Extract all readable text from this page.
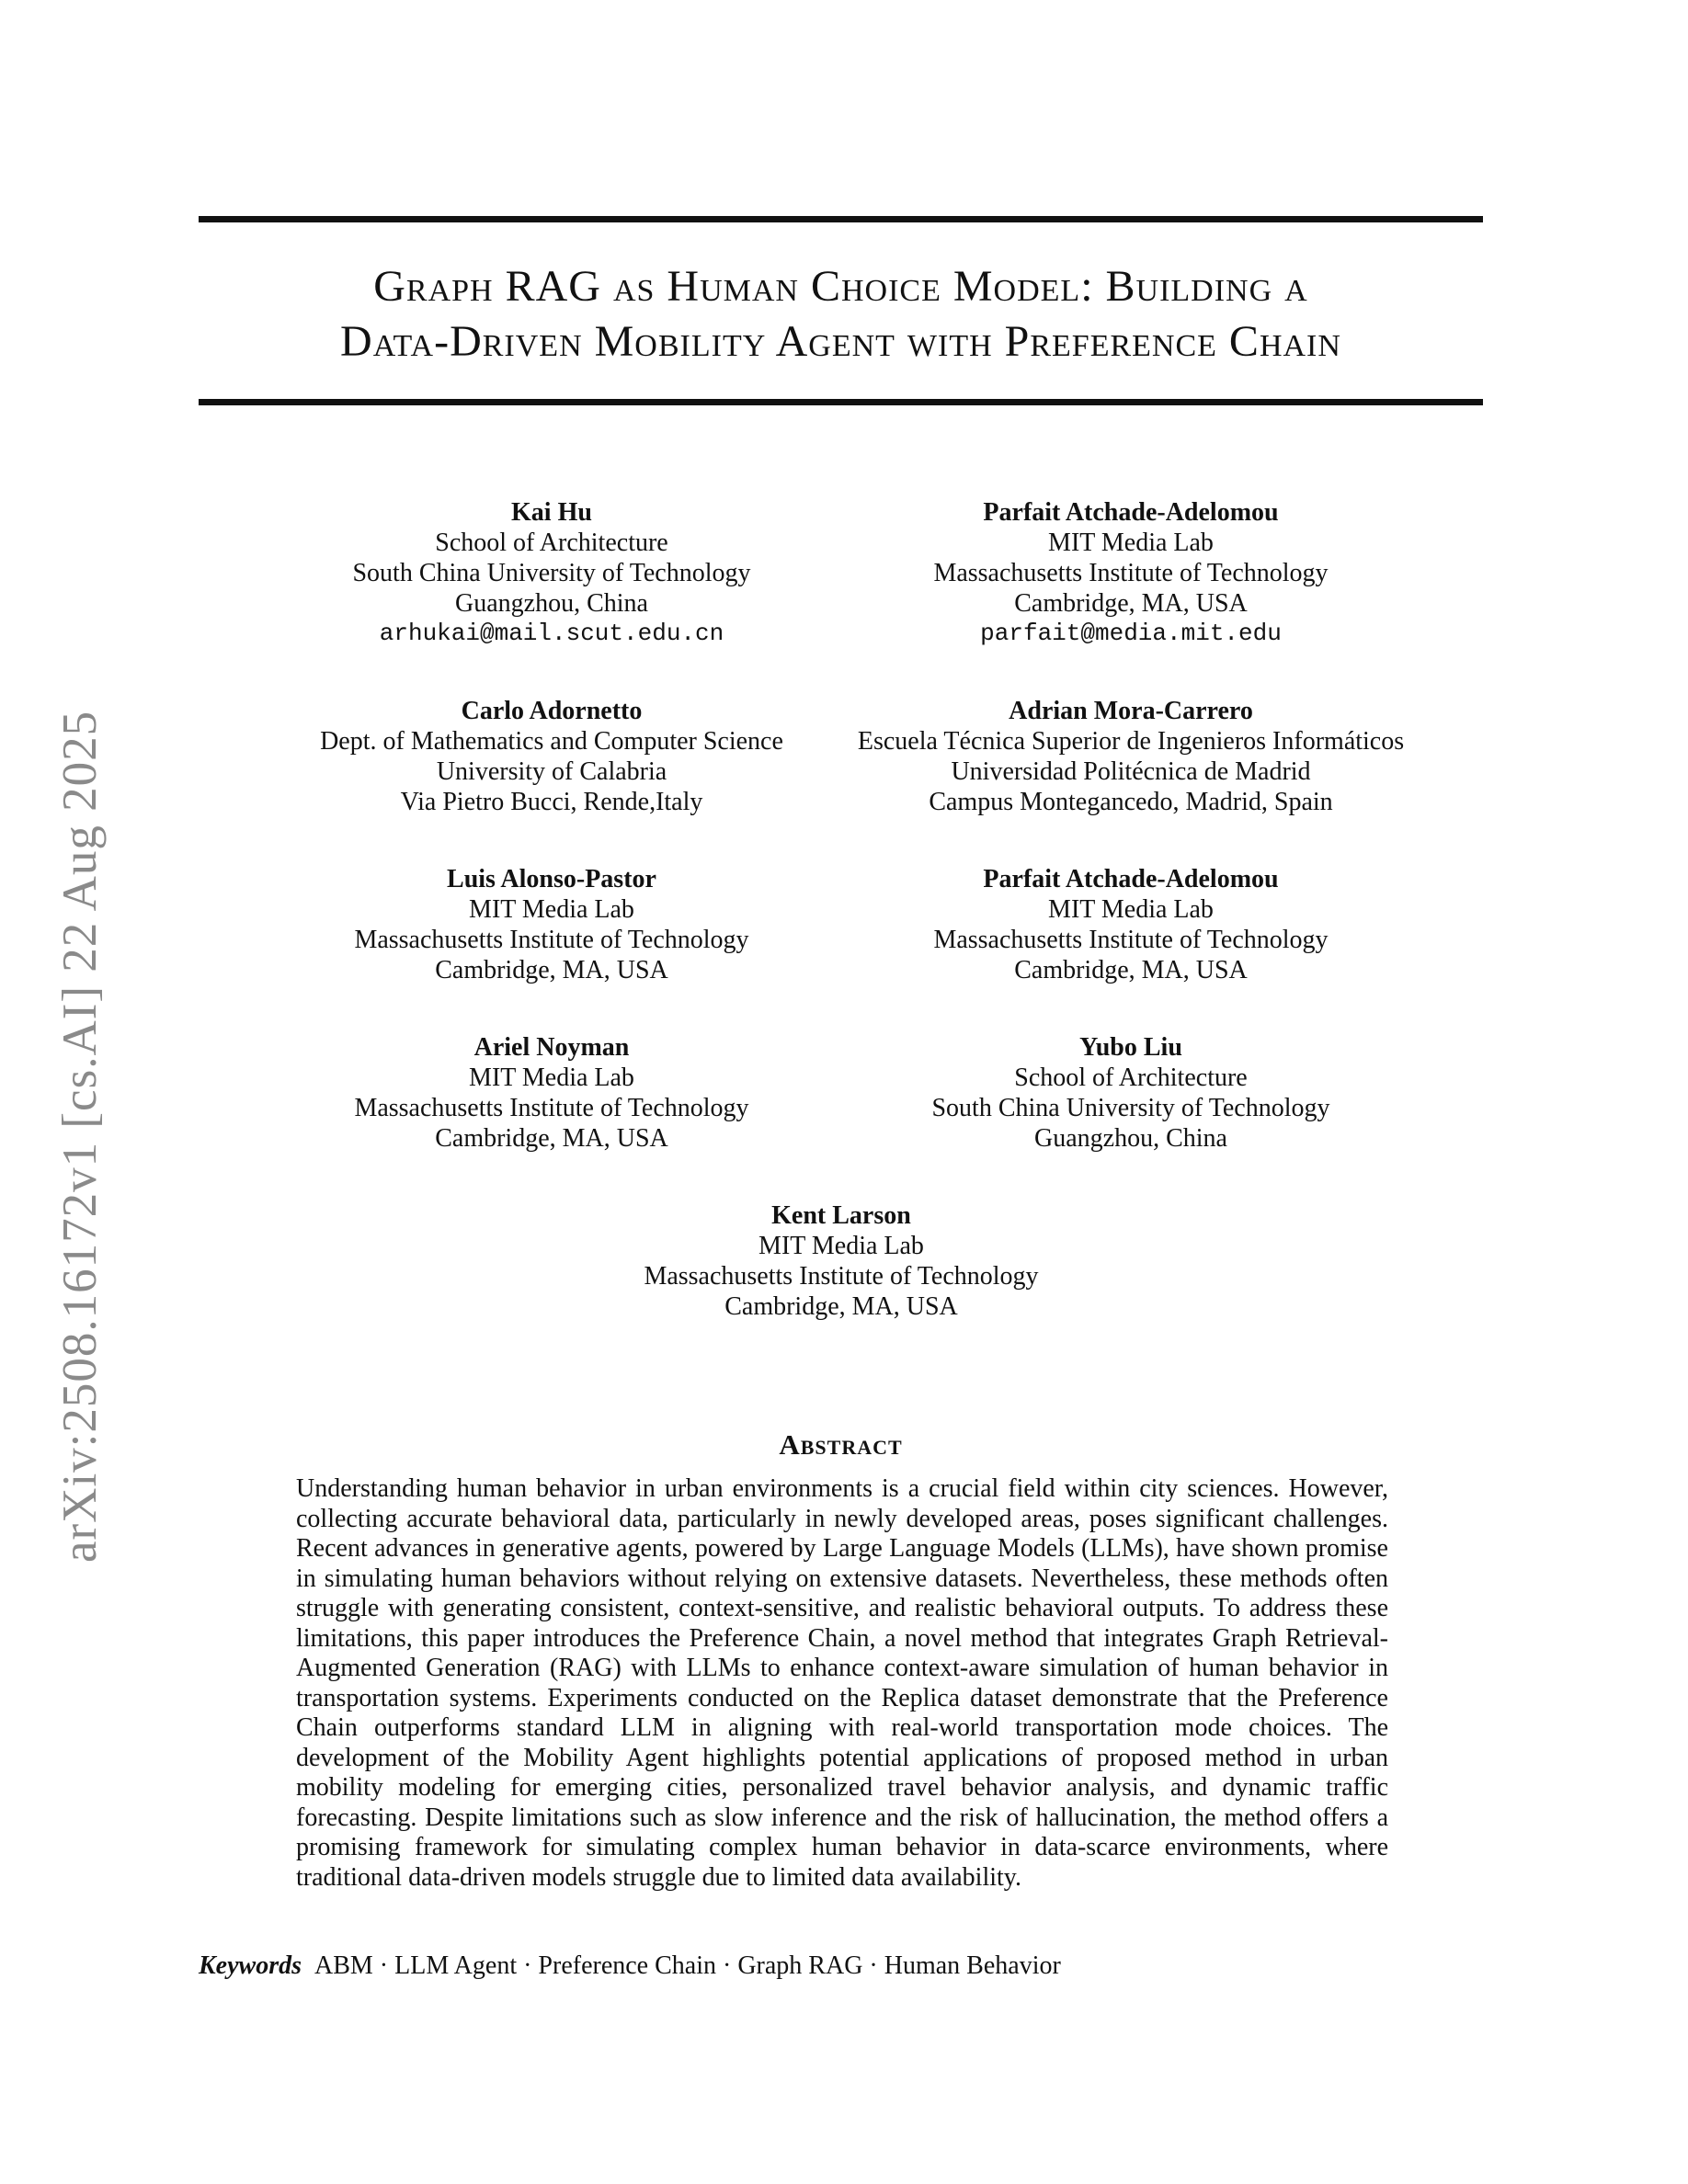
arXiv:2508.16172v1 [cs.AI] 22 Aug 2025
Graph RAG as Human Choice Model: Building a
Data-Driven Mobility Agent with Preference Chain
Kai Hu
School of Architecture
South China University of Technology
Guangzhou, China
arhukai@mail.scut.edu.cn
Parfait Atchade-Adelomou
MIT Media Lab
Massachusetts Institute of Technology
Cambridge, MA, USA
parfait@media.mit.edu
Carlo Adornetto
Dept. of Mathematics and Computer Science
University of Calabria
Via Pietro Bucci, Rende,Italy
Adrian Mora-Carrero
Escuela Técnica Superior de Ingenieros Informáticos
Universidad Politécnica de Madrid
Campus Montegancedo, Madrid, Spain
Luis Alonso-Pastor
MIT Media Lab
Massachusetts Institute of Technology
Cambridge, MA, USA
Parfait Atchade-Adelomou
MIT Media Lab
Massachusetts Institute of Technology
Cambridge, MA, USA
Ariel Noyman
MIT Media Lab
Massachusetts Institute of Technology
Cambridge, MA, USA
Yubo Liu
School of Architecture
South China University of Technology
Guangzhou, China
Kent Larson
MIT Media Lab
Massachusetts Institute of Technology
Cambridge, MA, USA
Abstract
Understanding human behavior in urban environments is a crucial field within city sciences. However, collecting accurate behavioral data, particularly in newly developed areas, poses significant challenges. Recent advances in generative agents, powered by Large Language Models (LLMs), have shown promise in simulating human behaviors without relying on extensive datasets. Nevertheless, these methods often struggle with generating consistent, context-sensitive, and realistic behavioral outputs. To address these limitations, this paper introduces the Preference Chain, a novel method that integrates Graph Retrieval-Augmented Generation (RAG) with LLMs to enhance context-aware simulation of human behavior in transportation systems. Experiments conducted on the Replica dataset demonstrate that the Preference Chain outperforms standard LLM in aligning with real-world transportation mode choices. The development of the Mobility Agent highlights potential applications of proposed method in urban mobility modeling for emerging cities, personalized travel behavior analysis, and dynamic traffic forecasting. Despite limitations such as slow inference and the risk of hallucination, the method offers a promising framework for simulating complex human behavior in data-scarce environments, where traditional data-driven models struggle due to limited data availability.
Keywords ABM · LLM Agent · Preference Chain · Graph RAG · Human Behavior
